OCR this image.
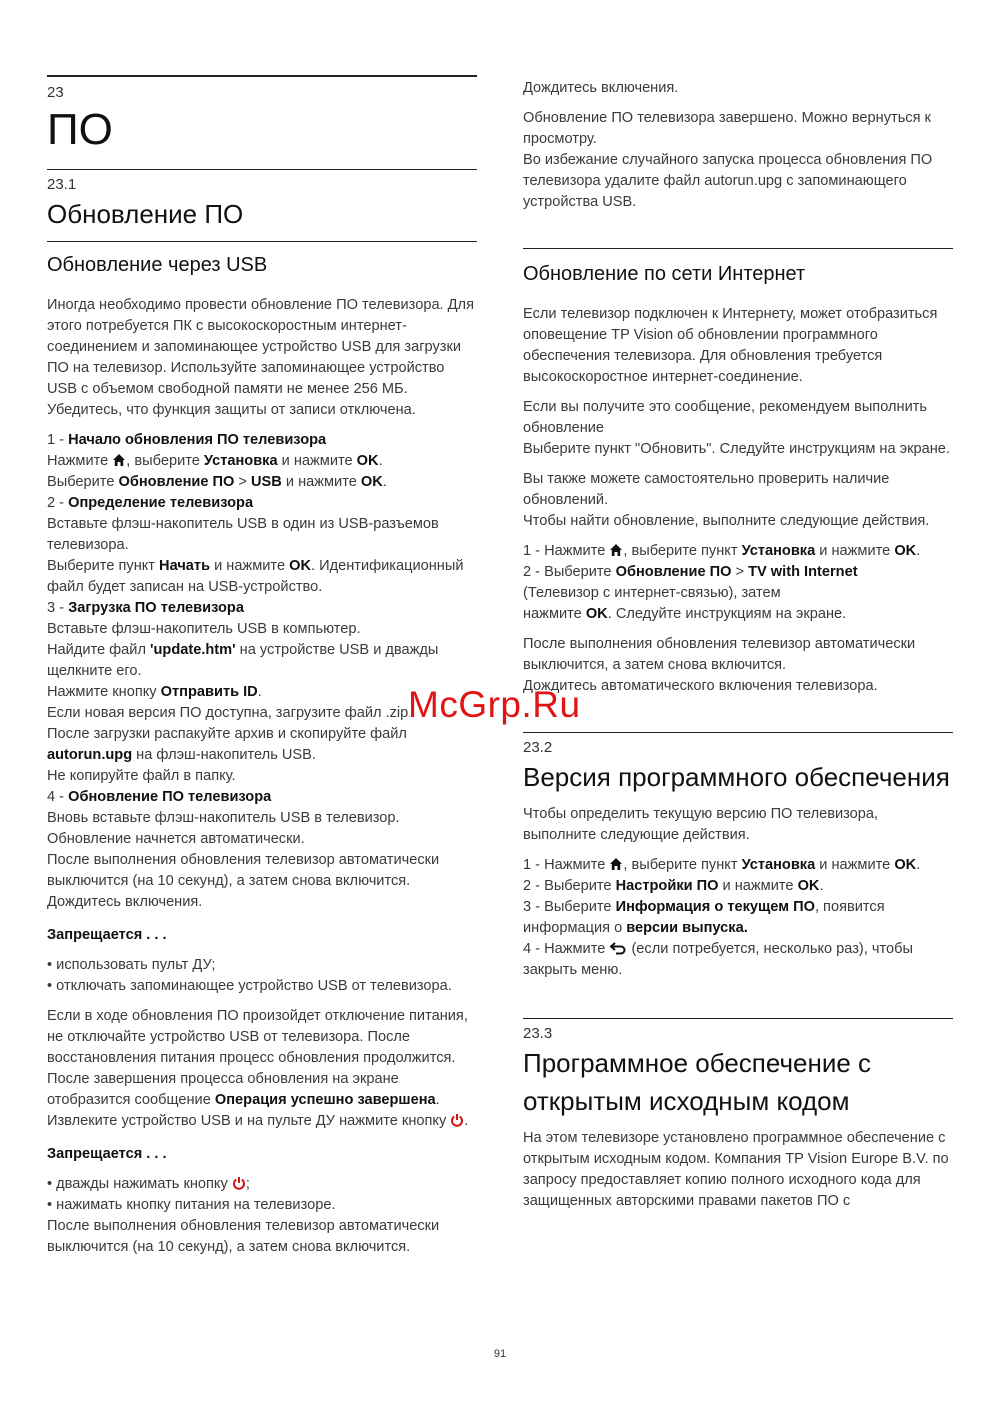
23
ПО
23.1
Обновление ПО
Обновление через USB

Иногда необходимо провести обновление ПО телевизора. Для этого потребуется ПК с высокоскоростным интернет-соединением и запоминающее устройство USB для загрузки ПО на телевизор. Используйте запоминающее устройство USB с объемом свободной памяти не менее 256 МБ. Убедитесь, что функция защиты от записи отключена.

1 - Начало обновления ПО телевизора
Нажмите , выберите Установка и нажмите OK.
Выберите Обновление ПО > USB и нажмите OK.

2 - Определение телевизора
Вставьте флэш-накопитель USB в один из USB-разъемов телевизора.
Выберите пункт Начать и нажмите OK. Идентификационный файл будет записан на USB-устройство.

3 - Загрузка ПО телевизора
Вставьте флэш-накопитель USB в компьютер.
Найдите файл 'update.htm' на устройстве USB и дважды щелкните его.
Нажмите кнопку Отправить ID.
Если новая версия ПО доступна, загрузите файл .zip.
После загрузки распакуйте архив и скопируйте файл autorun.upg на флэш-накопитель USB.
Не копируйте файл в папку.

4 - Обновление ПО телевизора
Вновь вставьте флэш-накопитель USB в телевизор. Обновление начнется автоматически.
После выполнения обновления телевизор автоматически выключится (на 10 секунд), а затем снова включится.
Дождитесь включения.

Запрещается . . .

• использовать пульт ДУ;
• отключать запоминающее устройство USB от телевизора.

Если в ходе обновления ПО произойдет отключение питания, не отключайте устройство USB от телевизора. После восстановления питания процесс обновления продолжится.
После завершения процесса обновления на экране отобразится сообщение Операция успешно завершена. Извлеките устройство USB и на пульте ДУ нажмите кнопку .

Запрещается . . .

• дважды нажимать кнопку ;
• нажимать кнопку питания на телевизоре.
После выполнения обновления телевизор автоматически выключится (на 10 секунд), а затем снова включится.

Дождитесь включения.

Обновление ПО телевизора завершено. Можно вернуться к просмотру.
Во избежание случайного запуска процесса обновления ПО телевизора удалите файл autorun.upg с запоминающего устройства USB.

Обновление по сети Интернет

Если телевизор подключен к Интернету, может отобразиться оповещение TP Vision об обновлении программного обеспечения телевизора. Для обновления требуется высокоскоростное интернет-соединение.

Если вы получите это сообщение, рекомендуем выполнить обновление
Выберите пункт "Обновить". Следуйте инструкциям на экране.

Вы также можете самостоятельно проверить наличие обновлений.
Чтобы найти обновление, выполните следующие действия.

1 - Нажмите , выберите пункт Установка и нажмите OK.
2 - Выберите Обновление ПО > TV with Internet
(Телевизор с интернет-связью), затем
нажмите OK. Следуйте инструкциям на экране.

После выполнения обновления телевизор автоматически выключится, а затем снова включится.
Дождитесь автоматического включения телевизора.

23.2
Версия программного обеспечения

Чтобы определить текущую версию ПО телевизора, выполните следующие действия.

1 - Нажмите , выберите пункт Установка и нажмите OK.
2 - Выберите Настройки ПО и нажмите OK.
3 - Выберите Информация о текущем ПО, появится информация о версии выпуска.
4 - Нажмите  (если потребуется, несколько раз), чтобы закрыть меню.

23.3
Программное обеспечение с открытым исходным кодом

На этом телевизоре установлено программное обеспечение с открытым исходным кодом. Компания TP Vision Europe B.V. по запросу предоставляет копию полного исходного кода для защищенных авторскими правами пакетов ПО с

McGrp.Ru
91
